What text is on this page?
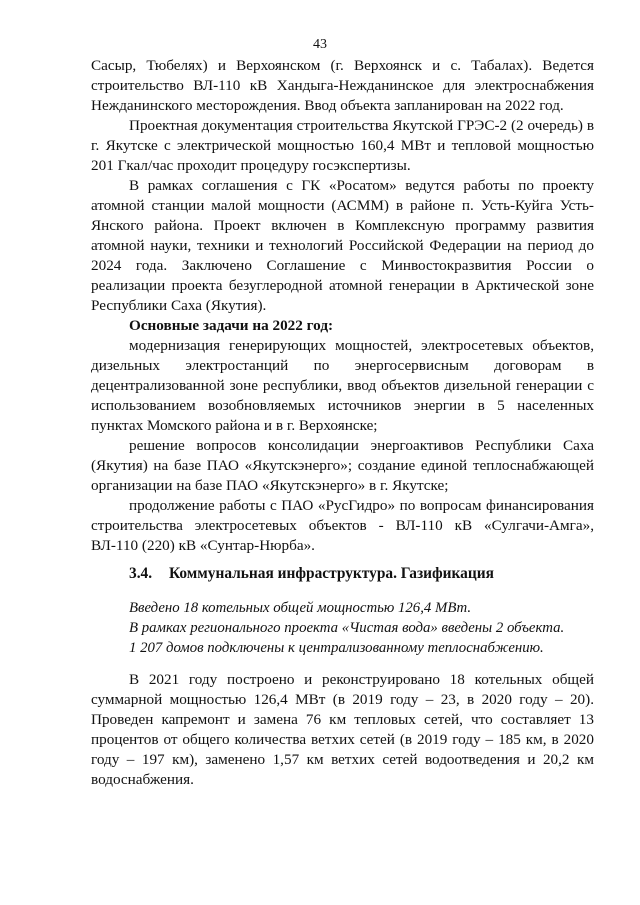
43

Сасыр, Тюбелях) и Верхоянском (г. Верхоянск и с. Табалах). Ведется строительство ВЛ-110 кВ Хандыга-Нежданинское для электроснабжения Нежданинского месторождения. Ввод объекта запланирован на 2022 год.

Проектная документация строительства Якутской ГРЭС-2 (2 очередь) в г. Якутске с электрической мощностью 160,4 МВт и тепловой мощностью 201 Гкал/час проходит процедуру госэкспертизы.

В рамках соглашения с ГК «Росатом» ведутся работы по проекту атомной станции малой мощности (АСММ) в районе п. Усть-Куйга Усть-Янского района. Проект включен в Комплексную программу развития атомной науки, техники и технологий Российской Федерации на период до 2024 года. Заключено Соглашение с Минвостокразвития России о реализации проекта безуглеродной атомной генерации в Арктической зоне Республики Саха (Якутия).

Основные задачи на 2022 год:

модернизация генерирующих мощностей, электросетевых объектов, дизельных электростанций по энергосервисным договорам в децентрализованной зоне республики, ввод объектов дизельной генерации с использованием возобновляемых источников энергии в 5 населенных пунктах Момского района и в г. Верхоянске;

решение вопросов консолидации энергоактивов Республики Саха (Якутия) на базе ПАО «Якутскэнерго»; создание единой теплоснабжающей организации на базе ПАО «Якутскэнерго» в г. Якутске;

продолжение работы с ПАО «РусГидро» по вопросам финансирования строительства электросетевых объектов - ВЛ-110 кВ «Сулгачи-Амга», ВЛ-110 (220) кВ «Сунтар-Нюрба».

3.4. Коммунальная инфраструктура. Газификация
Введено 18 котельных общей мощностью 126,4 МВт.
В рамках регионального проекта «Чистая вода» введены 2 объекта.
1 207 домов подключены к централизованному теплоснабжению.

В 2021 году построено и реконструировано 18 котельных общей суммарной мощностью 126,4 МВт (в 2019 году – 23, в 2020 году – 20). Проведен капремонт и замена 76 км тепловых сетей, что составляет 13 процентов от общего количества ветхих сетей (в 2019 году – 185 км, в 2020 году – 197 км), заменено 1,57 км ветхих сетей водоотведения и 20,2 км водоснабжения.
